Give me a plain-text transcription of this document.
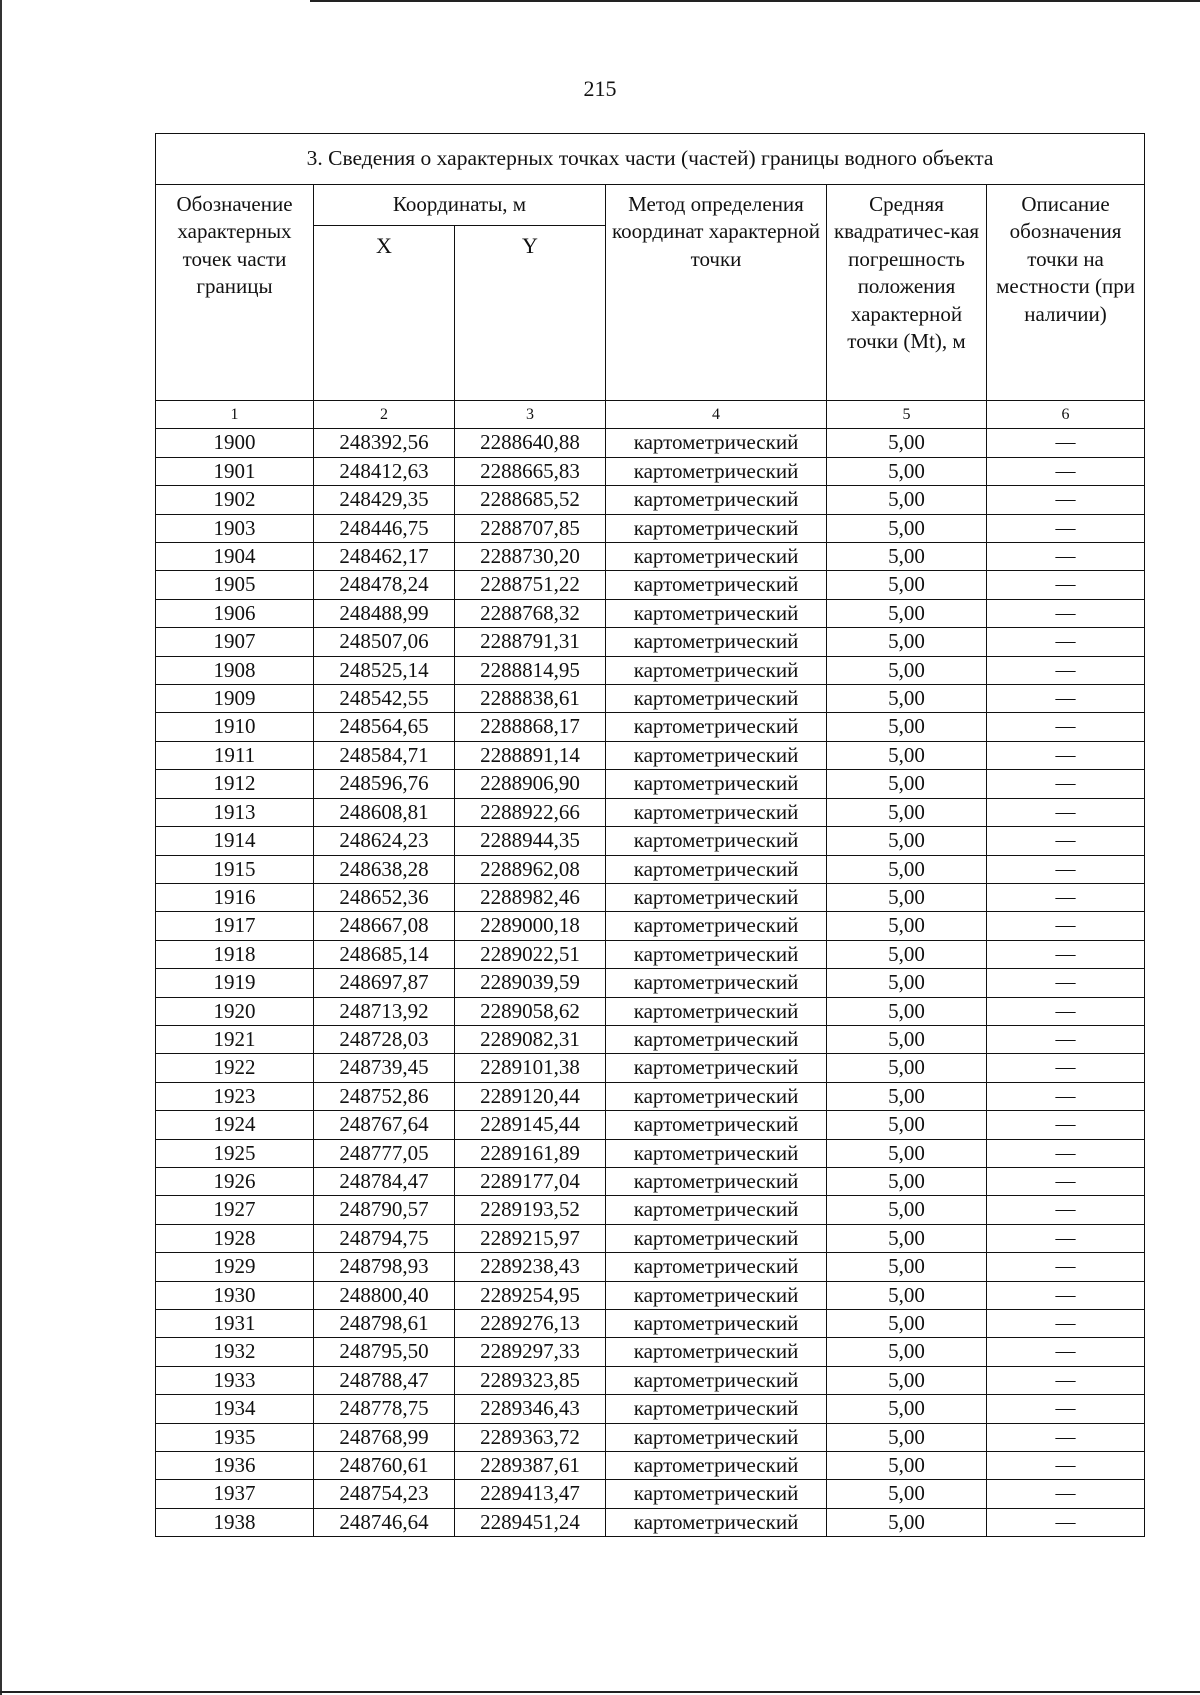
215
3. Сведения о характерных точках части (частей) границы водного объекта					
Обозначение характерных точек части границы	Координаты, м		Метод определения координат характерной точки	Средняя квадратичес-кая погрешность положения характерной точки (Mt), м	Описание обозначения точки на местности (при наличии)
	X	Y			
1	2	3	4	5	6
1900	248392,56	2288640,88	картометрический	5,00	—
1901	248412,63	2288665,83	картометрический	5,00	—
1902	248429,35	2288685,52	картометрический	5,00	—
1903	248446,75	2288707,85	картометрический	5,00	—
1904	248462,17	2288730,20	картометрический	5,00	—
1905	248478,24	2288751,22	картометрический	5,00	—
1906	248488,99	2288768,32	картометрический	5,00	—
1907	248507,06	2288791,31	картометрический	5,00	—
1908	248525,14	2288814,95	картометрический	5,00	—
1909	248542,55	2288838,61	картометрический	5,00	—
1910	248564,65	2288868,17	картометрический	5,00	—
1911	248584,71	2288891,14	картометрический	5,00	—
1912	248596,76	2288906,90	картометрический	5,00	—
1913	248608,81	2288922,66	картометрический	5,00	—
1914	248624,23	2288944,35	картометрический	5,00	—
1915	248638,28	2288962,08	картометрический	5,00	—
1916	248652,36	2288982,46	картометрический	5,00	—
1917	248667,08	2289000,18	картометрический	5,00	—
1918	248685,14	2289022,51	картометрический	5,00	—
1919	248697,87	2289039,59	картометрический	5,00	—
1920	248713,92	2289058,62	картометрический	5,00	—
1921	248728,03	2289082,31	картометрический	5,00	—
1922	248739,45	2289101,38	картометрический	5,00	—
1923	248752,86	2289120,44	картометрический	5,00	—
1924	248767,64	2289145,44	картометрический	5,00	—
1925	248777,05	2289161,89	картометрический	5,00	—
1926	248784,47	2289177,04	картометрический	5,00	—
1927	248790,57	2289193,52	картометрический	5,00	—
1928	248794,75	2289215,97	картометрический	5,00	—
1929	248798,93	2289238,43	картометрический	5,00	—
1930	248800,40	2289254,95	картометрический	5,00	—
1931	248798,61	2289276,13	картометрический	5,00	—
1932	248795,50	2289297,33	картометрический	5,00	—
1933	248788,47	2289323,85	картометрический	5,00	—
1934	248778,75	2289346,43	картометрический	5,00	—
1935	248768,99	2289363,72	картометрический	5,00	—
1936	248760,61	2289387,61	картометрический	5,00	—
1937	248754,23	2289413,47	картометрический	5,00	—
1938	248746,64	2289451,24	картометрический	5,00	—
